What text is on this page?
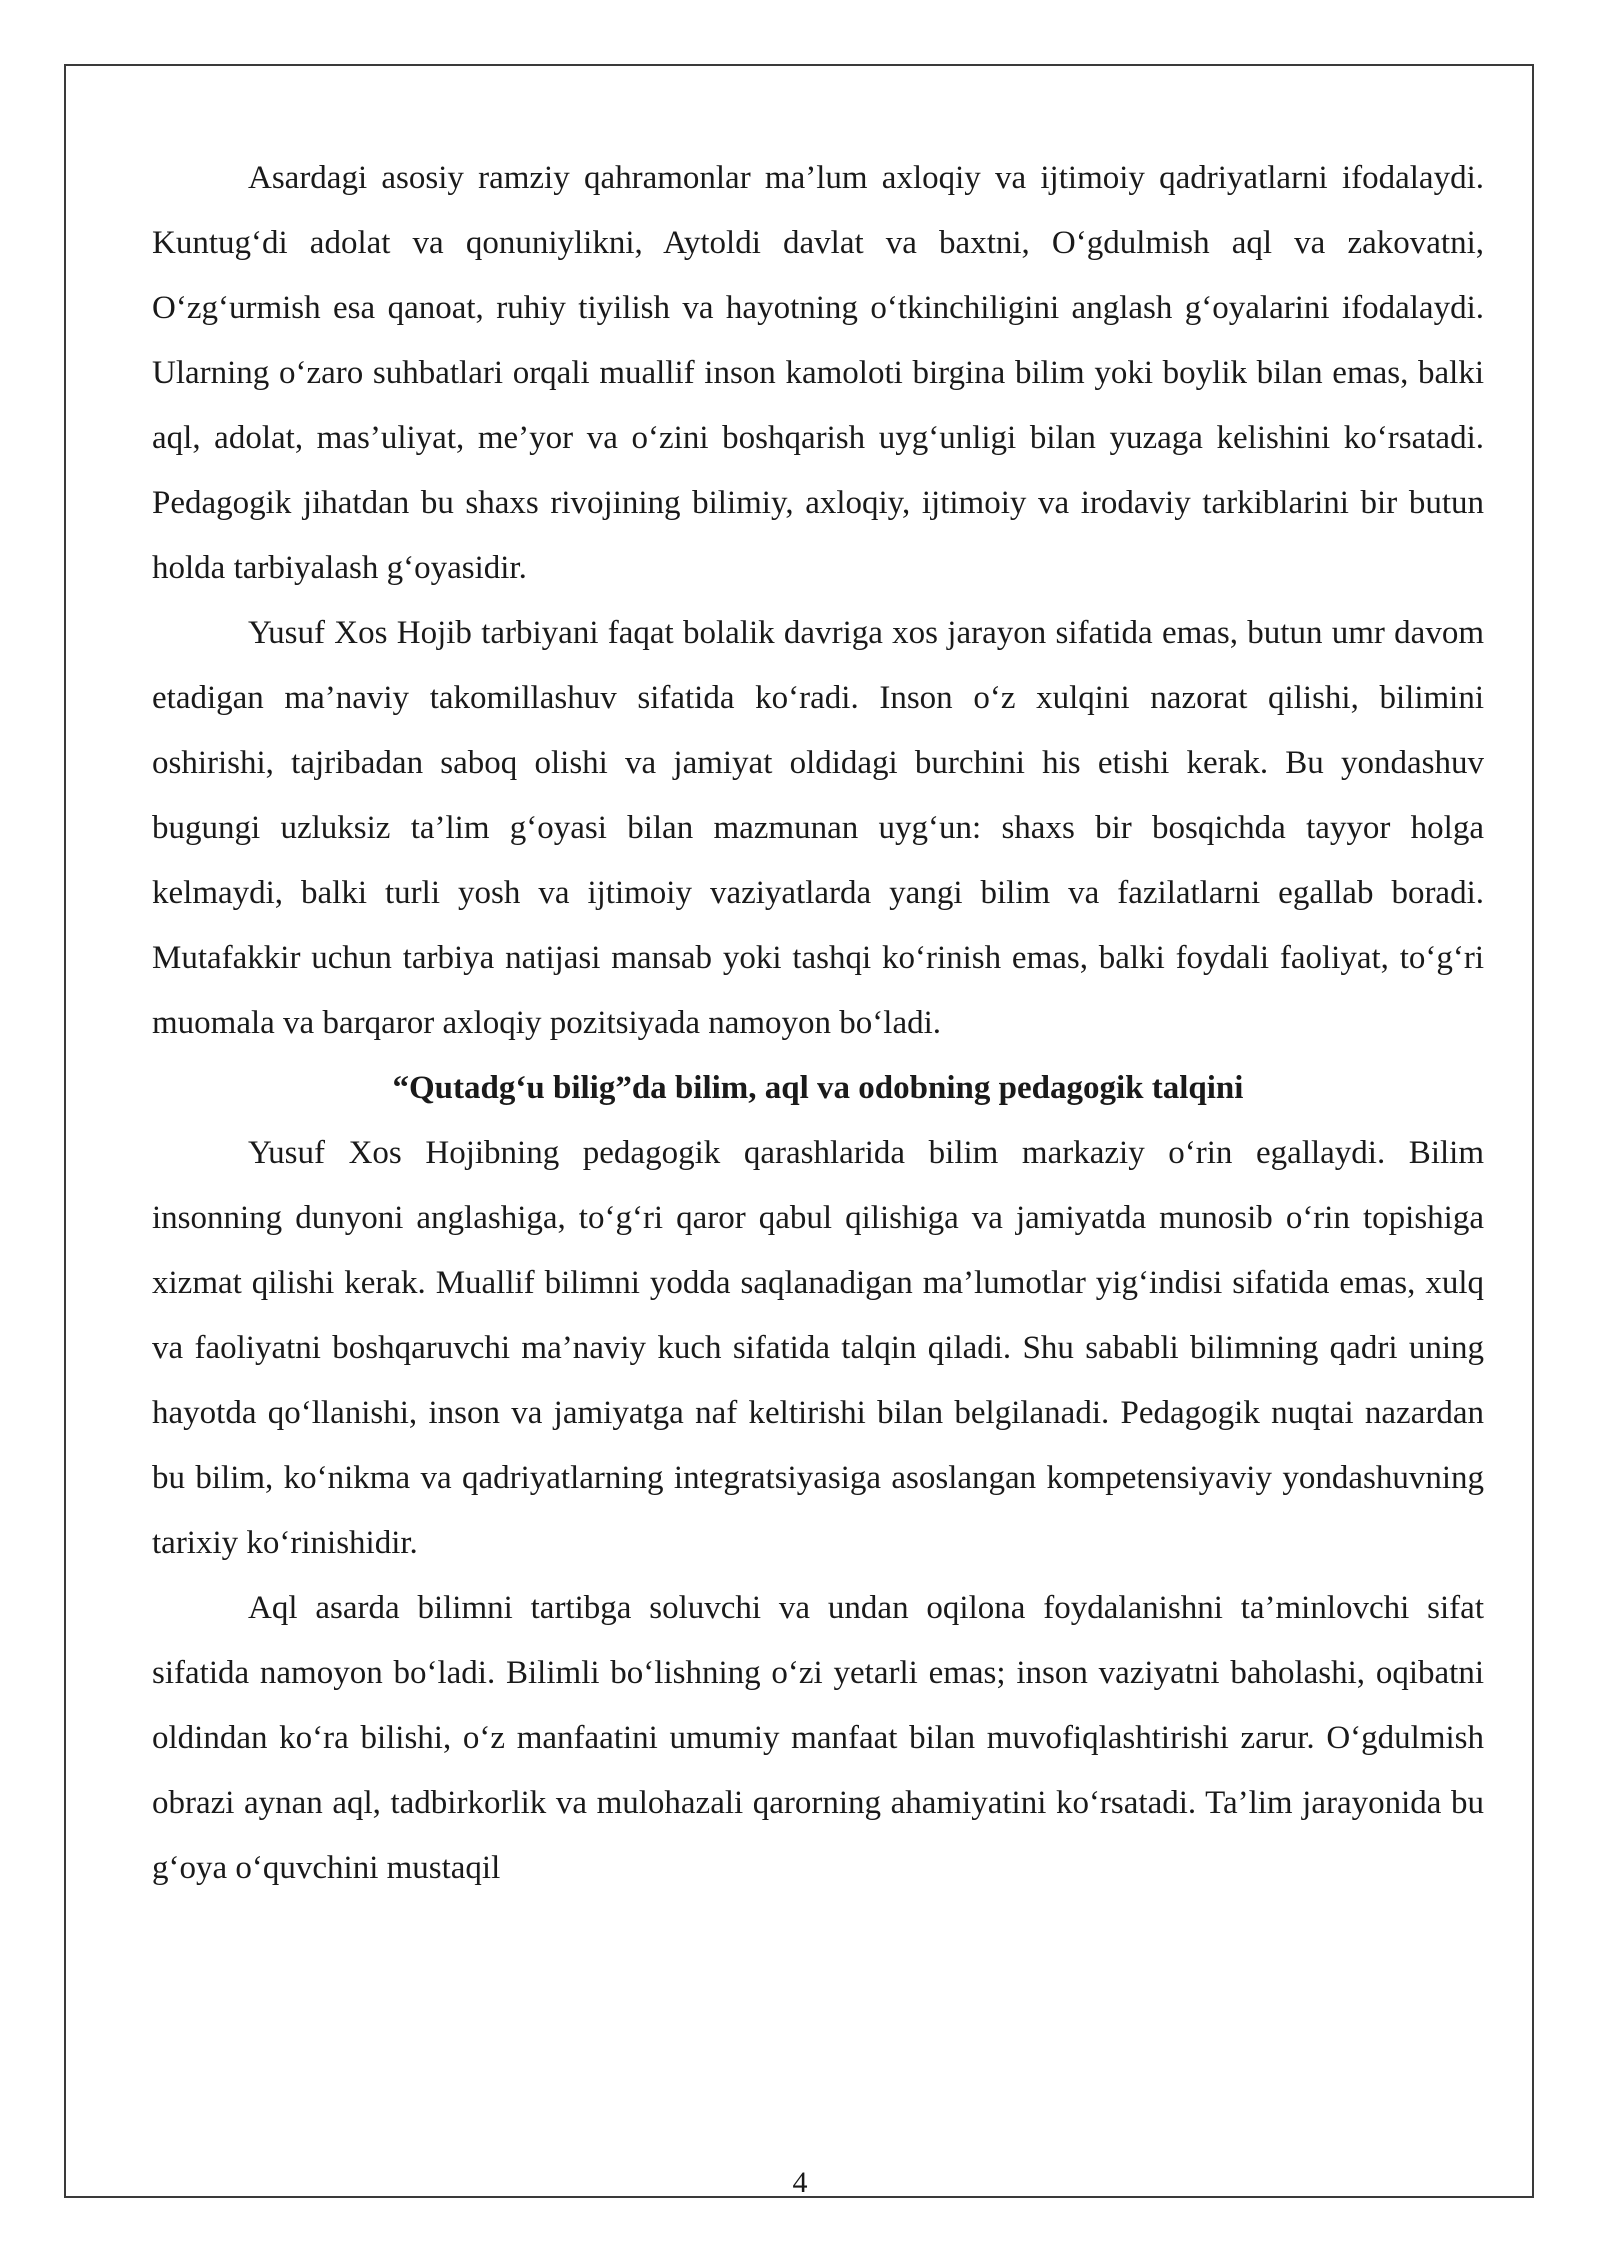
Asardagi asosiy ramziy qahramonlar ma’lum axloqiy va ijtimoiy qadriyatlarni ifodalaydi. Kuntug‘di adolat va qonuniylikni, Aytoldi davlat va baxtni, O‘gdulmish aql va zakovatni, O‘zg‘urmish esa qanoat, ruhiy tiyilish va hayotning o‘tkinchiligini anglash g‘oyalarini ifodalaydi. Ularning o‘zaro suhbatlari orqali muallif inson kamoloti birgina bilim yoki boylik bilan emas, balki aql, adolat, mas’uliyat, me’yor va o‘zini boshqarish uyg‘unligi bilan yuzaga kelishini ko‘rsatadi. Pedagogik jihatdan bu shaxs rivojining bilimiy, axloqiy, ijtimoiy va irodaviy tarkiblarini bir butun holda tarbiyalash g‘oyasidir.

Yusuf Xos Hojib tarbiyani faqat bolalik davriga xos jarayon sifatida emas, butun umr davom etadigan ma’naviy takomillashuv sifatida ko‘radi. Inson o‘z xulqini nazorat qilishi, bilimini oshirishi, tajribadan saboq olishi va jamiyat oldidagi burchini his etishi kerak. Bu yondashuv bugungi uzluksiz ta’lim g‘oyasi bilan mazmunan uyg‘un: shaxs bir bosqichda tayyor holga kelmaydi, balki turli yosh va ijtimoiy vaziyatlarda yangi bilim va fazilatlarni egallab boradi. Mutafakkir uchun tarbiya natijasi mansab yoki tashqi ko‘rinish emas, balki foydali faoliyat, to‘g‘ri muomala va barqaror axloqiy pozitsiyada namoyon bo‘ladi.

“Qutadg‘u bilig”da bilim, aql va odobning pedagogik talqini

Yusuf Xos Hojibning pedagogik qarashlarida bilim markaziy o‘rin egallaydi. Bilim insonning dunyoni anglashiga, to‘g‘ri qaror qabul qilishiga va jamiyatda munosib o‘rin topishiga xizmat qilishi kerak. Muallif bilimni yodda saqlanadigan ma’lumotlar yig‘indisi sifatida emas, xulq va faoliyatni boshqaruvchi ma’naviy kuch sifatida talqin qiladi. Shu sababli bilimning qadri uning hayotda qo‘llanishi, inson va jamiyatga naf keltirishi bilan belgilanadi. Pedagogik nuqtai nazardan bu bilim, ko‘nikma va qadriyatlarning integratsiyasiga asoslangan kompetensiyaviy yondashuvning tarixiy ko‘rinishidir.

Aql asarda bilimni tartibga soluvchi va undan oqilona foydalanishni ta’minlovchi sifat sifatida namoyon bo‘ladi. Bilimli bo‘lishning o‘zi yetarli emas; inson vaziyatni baholashi, oqibatni oldindan ko‘ra bilishi, o‘z manfaatini umumiy manfaat bilan muvofiqlashtirishi zarur. O‘gdulmish obrazi aynan aql, tadbirkorlik va mulohazali qarorning ahamiyatini ko‘rsatadi. Ta’lim jarayonida bu g‘oya o‘quvchini mustaqil

4
